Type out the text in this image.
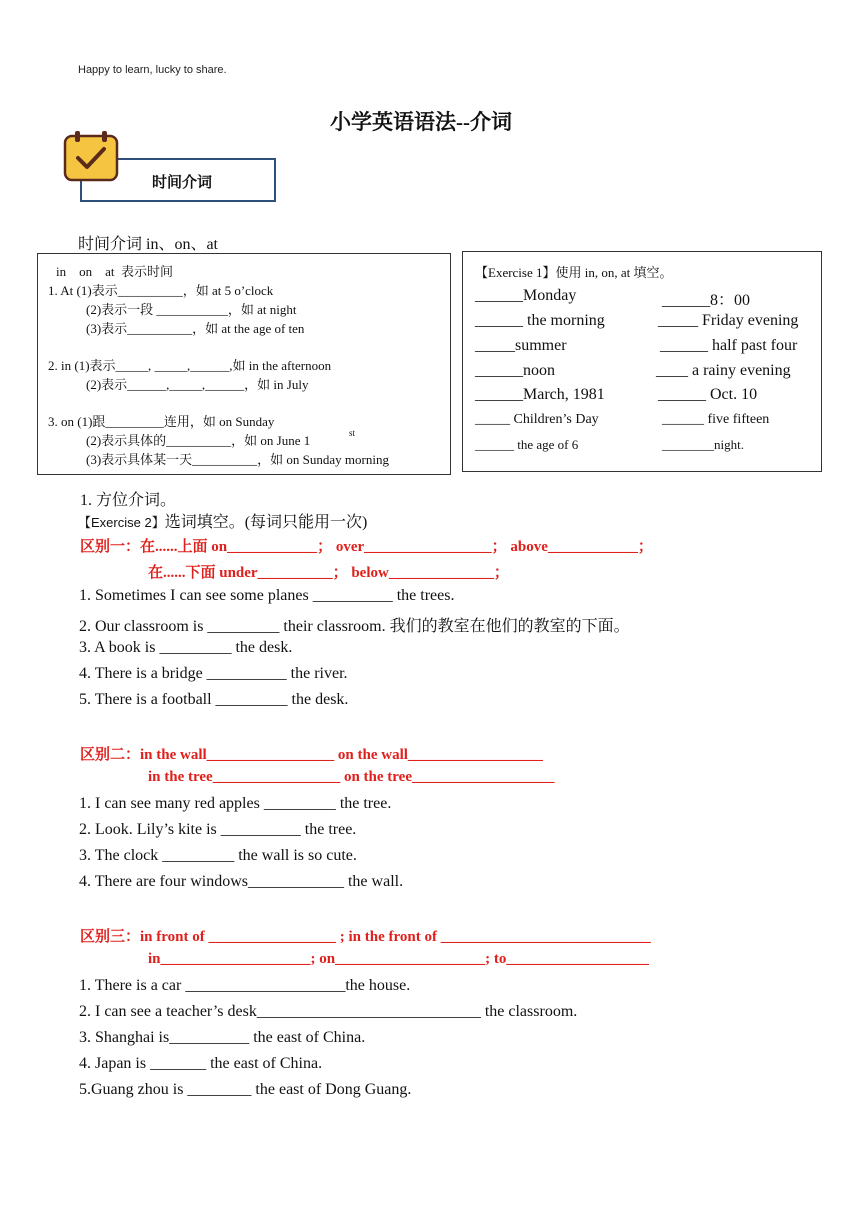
Happy to learn, lucky to share.
小学英语语法--介词
时间介词
时间介词 in、on、at
in    on    at  表示时间
1. At (1)表示__________，如 at 5 o’clock
(2)表示一段 ___________，如 at night
(3)表示__________，如 at the age of ten
2. in (1)表示_____, _____,______,如 in the afternoon
(2)表示______,_____,______，如 in July
3. on (1)跟_________连用，如 on Sunday
(2)表示具体的__________，如 on June 1	st
(3)表示具体某一天__________，如 on Sunday morning
【Exercise 1】使用 in, on, at 填空。
______Monday	______8：00
______ the morning	_____ Friday evening
_____summer	______ half past four
______noon	____ a rainy evening
______March, 1981	______ Oct. 10
_____ Children’s Day	______ five fifteen
______ the age of 6	________night.
1. 方位介词。
【Exercise 2】选词填空。(每词只能用一次)
区别一：在......上面 on____________； over_________________； above____________；
在......下面 under__________； below______________；
1. Sometimes I can see some planes __________ the trees.
2. Our classroom is _________ their classroom. 我们的教室在他们的教室的下面。
3. A book is _________ the desk.
4. There is a bridge __________ the river.
5. There is a football _________ the desk.
区别二：in the wall_________________ on the wall__________________
in the tree_________________ on the tree___________________
1. I can see many red apples _________ the tree.
2. Look. Lily’s kite is __________ the tree.
3. The clock _________ the wall is so cute.
4. There are four windows____________ the wall.
区别三：in front of _________________ ; in the front of ____________________________
in____________________; on____________________; to___________________
1. There is a car ____________________the house.
2. I can see a teacher’s desk____________________________ the classroom.
3. Shanghai is__________ the east of China.
4. Japan is _______ the east of China.
5.Guang zhou is ________ the east of Dong Guang.
